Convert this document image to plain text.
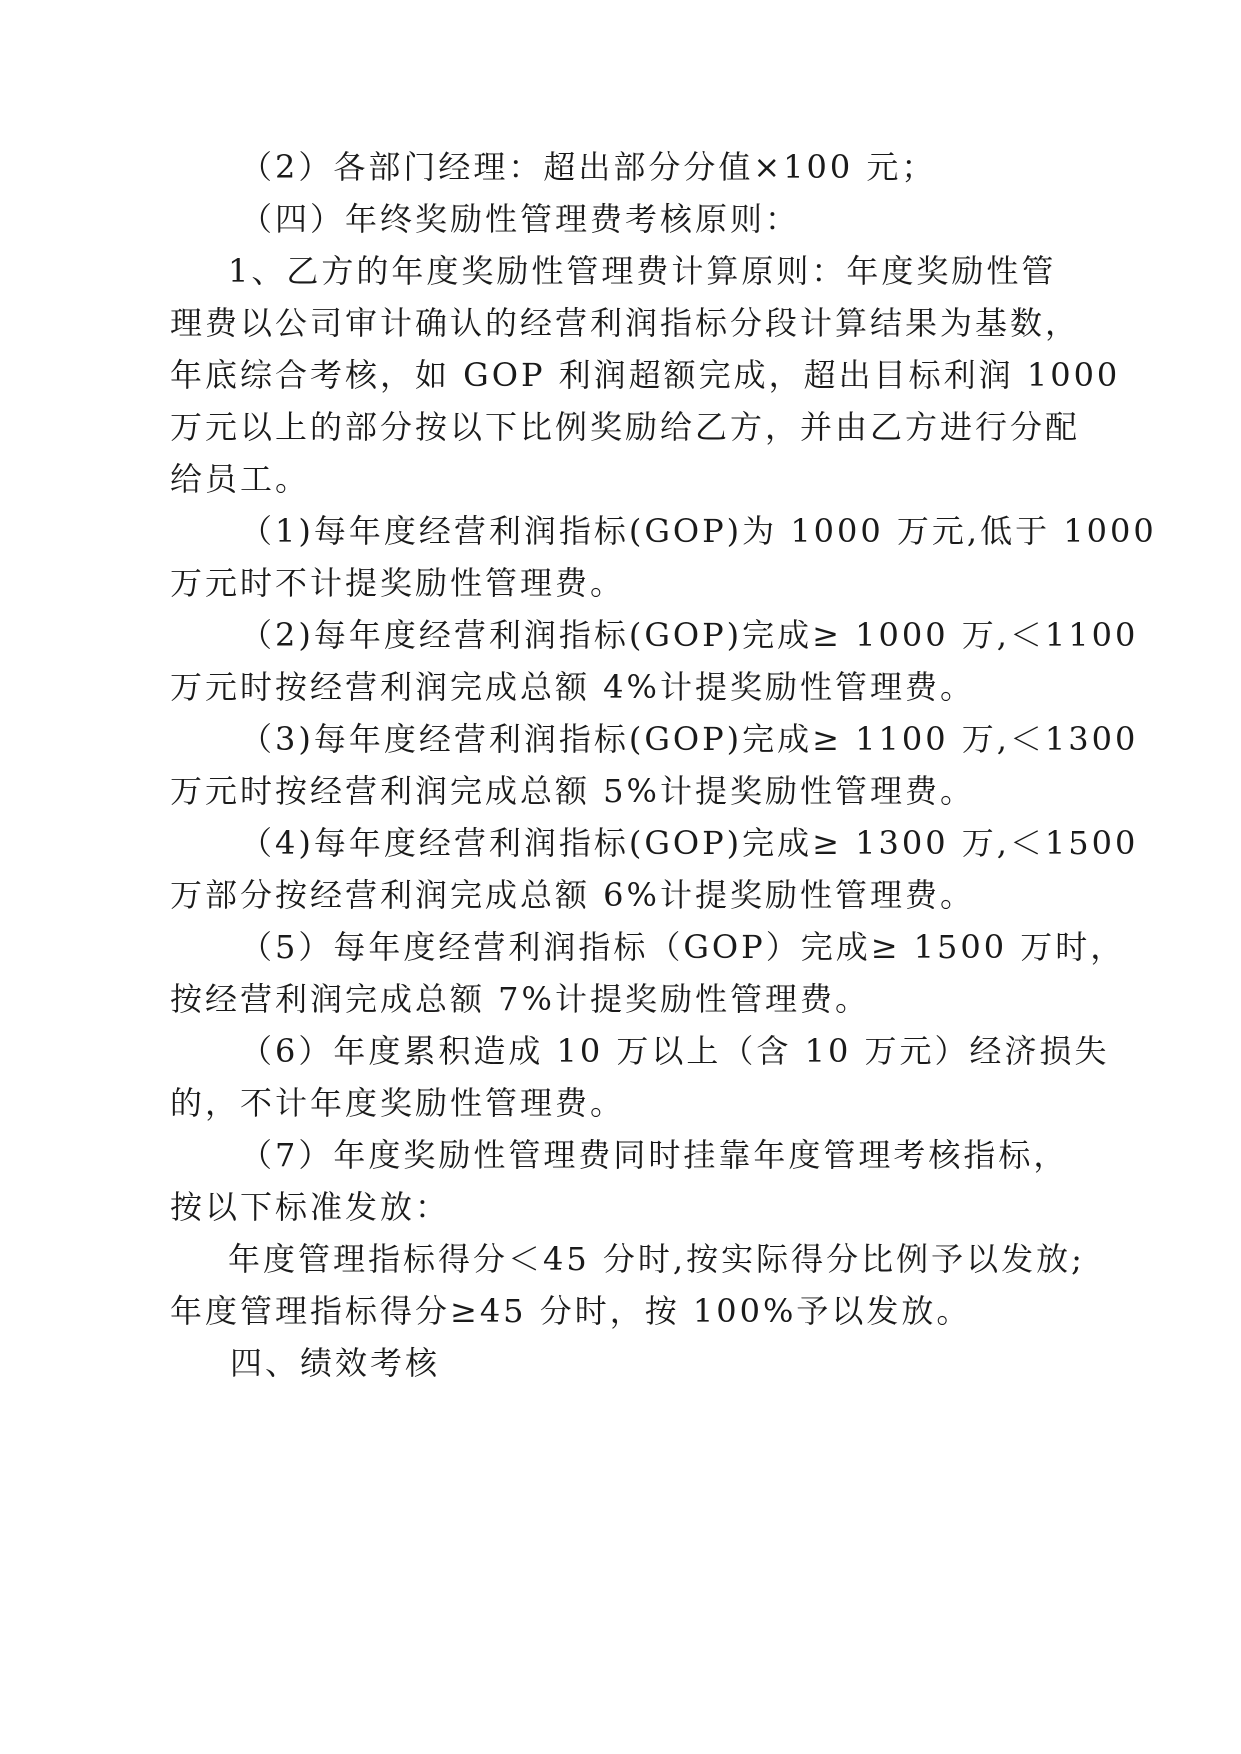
（2）各部门经理：超出部分分值×100 元；
（四）年终奖励性管理费考核原则：
1、乙方的年度奖励性管理费计算原则：年度奖励性管
理费以公司审计确认的经营利润指标分段计算结果为基数，
年底综合考核，如 GOP 利润超额完成，超出目标利润 1000
万元以上的部分按以下比例奖励给乙方，并由乙方进行分配
给员工。
（1)每年度经营利润指标(GOP)为 1000 万元,低于 1000
万元时不计提奖励性管理费。
（2)每年度经营利润指标(GOP)完成≥ 1000 万,＜1100
万元时按经营利润完成总额 4%计提奖励性管理费。
（3)每年度经营利润指标(GOP)完成≥ 1100 万,＜1300
万元时按经营利润完成总额 5%计提奖励性管理费。
（4)每年度经营利润指标(GOP)完成≥ 1300 万,＜1500
万部分按经营利润完成总额 6%计提奖励性管理费。
（5）每年度经营利润指标（GOP）完成≥ 1500 万时，
按经营利润完成总额 7%计提奖励性管理费。
（6）年度累积造成 10 万以上（含 10 万元）经济损失
的，不计年度奖励性管理费。
（7）年度奖励性管理费同时挂靠年度管理考核指标，
按以下标准发放：
年度管理指标得分＜45 分时,按实际得分比例予以发放;
年度管理指标得分≥45 分时，按 100%予以发放。
四、绩效考核
